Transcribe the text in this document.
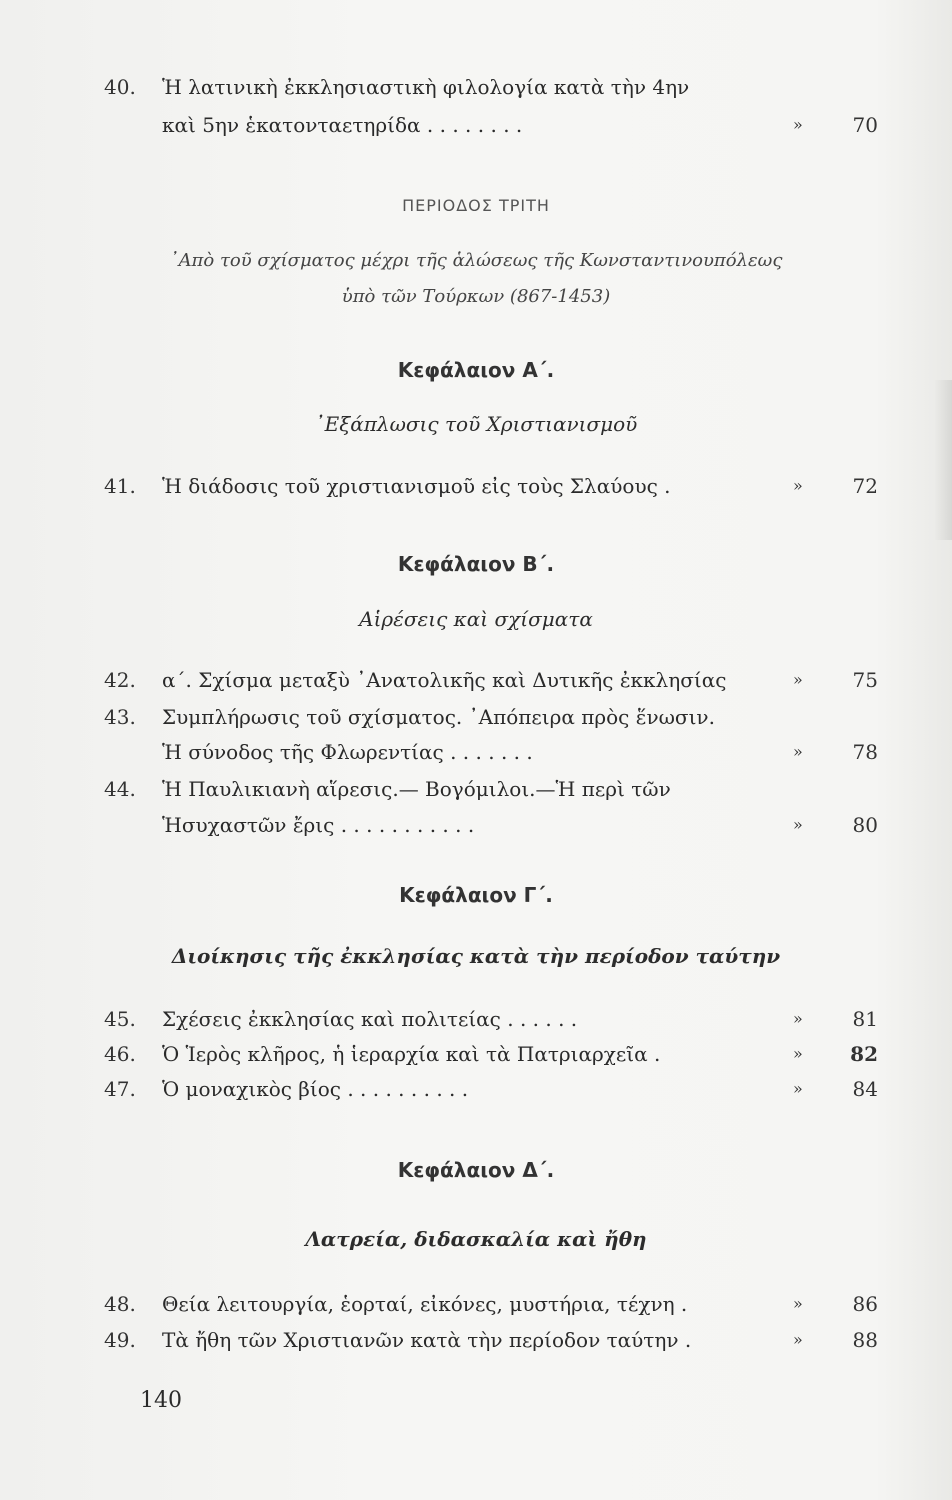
40. Ἡ λατινικὴ ἐκκλησιαστικὴ φιλολογία κατὰ τὴν 4ην
καὶ 5ην ἑκατονταετηρίδα . . . . . . . .	»	70
ΠΕΡΙΟΔΟΣ ΤΡΙΤΗ
᾿Απὸ τοῦ σχίσματος μέχρι τῆς ἁλώσεως τῆς Κωνσταντινουπόλεως
ὑπὸ τῶν Τούρκων (867-1453)
Κεφάλαιον Α΄.
᾿Εξάπλωσις τοῦ Χριστιανισμοῦ
41. Ἡ διάδοσις τοῦ χριστιανισμοῦ εἰς τοὺς Σλαύους .	»	72
Κεφάλαιον Β΄.
Αἱρέσεις καὶ σχίσματα
42. α΄. Σχίσμα μεταξὺ ᾿Ανατολικῆς καὶ Δυτικῆς ἐκκλησίας	»	75
43. Συμπλήρωσις τοῦ σχίσματος. ᾿Απόπειρα πρὸς ἕνωσιν.
Ἡ σύνοδος τῆς Φλωρεντίας . . . . . . .	»	78
44. Ἡ Παυλικιανὴ αἵρεσις.— Βογόμιλοι.—Ἡ περὶ τῶν
Ἡσυχαστῶν ἔρις . . . . . . . . . . .	»	80
Κεφάλαιον Γ΄.
Διοίκησις τῆς ἐκκλησίας κατὰ τὴν περίοδον ταύτην
45. Σχέσεις ἐκκλησίας καὶ πολιτείας . . . . . .	»	81
46. Ὁ Ἱερὸς κλῆρος, ἡ ἱεραρχία καὶ τὰ Πατριαρχεῖα .	»	82
47. Ὁ μοναχικὸς βίος . . . . . . . . . .	»	84
Κεφάλαιον Δ΄.
Λατρεία, διδασκαλία καὶ ἤθη
48. Θεία λειτουργία, ἑορταί, εἰκόνες, μυστήρια, τέχνη .	»	86
49. Τὰ ἤθη τῶν Χριστιανῶν κατὰ τὴν περίοδον ταύτην .	»	88
140
